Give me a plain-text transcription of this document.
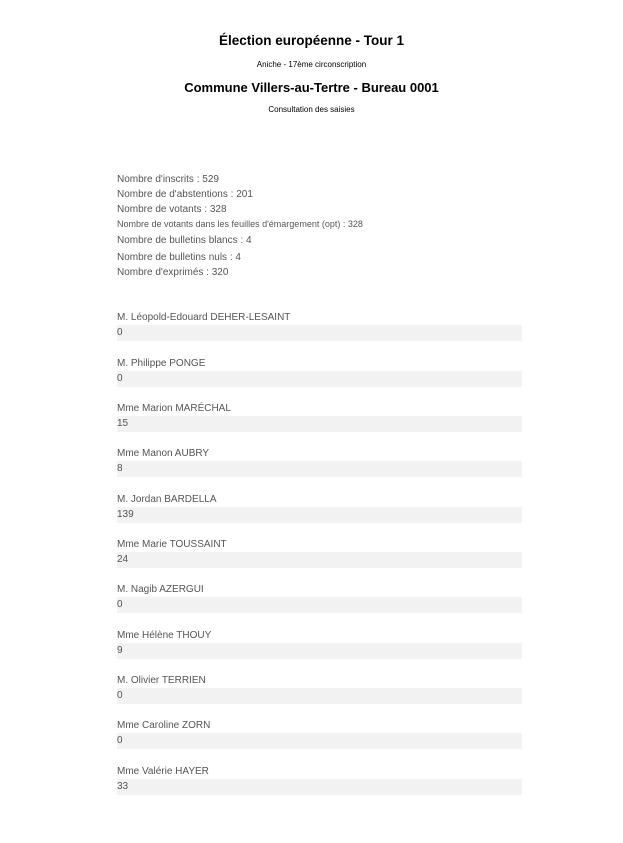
Élection européenne - Tour 1
Aniche - 17ème circonscription
Commune Villers-au-Tertre - Bureau 0001
Consultation des saisies
Nombre d'inscrits : 529
Nombre de d'abstentions : 201
Nombre de votants : 328
Nombre de votants dans les feuilles d'émargement (opt) : 328
Nombre de bulletins blancs : 4
Nombre de bulletins nuls : 4
Nombre d'exprimés : 320
M. Léopold-Edouard DEHER-LESAINT
0
M. Philippe PONGE
0
Mme Marion MARÉCHAL
15
Mme Manon AUBRY
8
M. Jordan BARDELLA
139
Mme Marie TOUSSAINT
24
M. Nagib AZERGUI
0
Mme Hélène THOUY
9
M. Olivier TERRIEN
0
Mme Caroline ZORN
0
Mme Valérie HAYER
33
